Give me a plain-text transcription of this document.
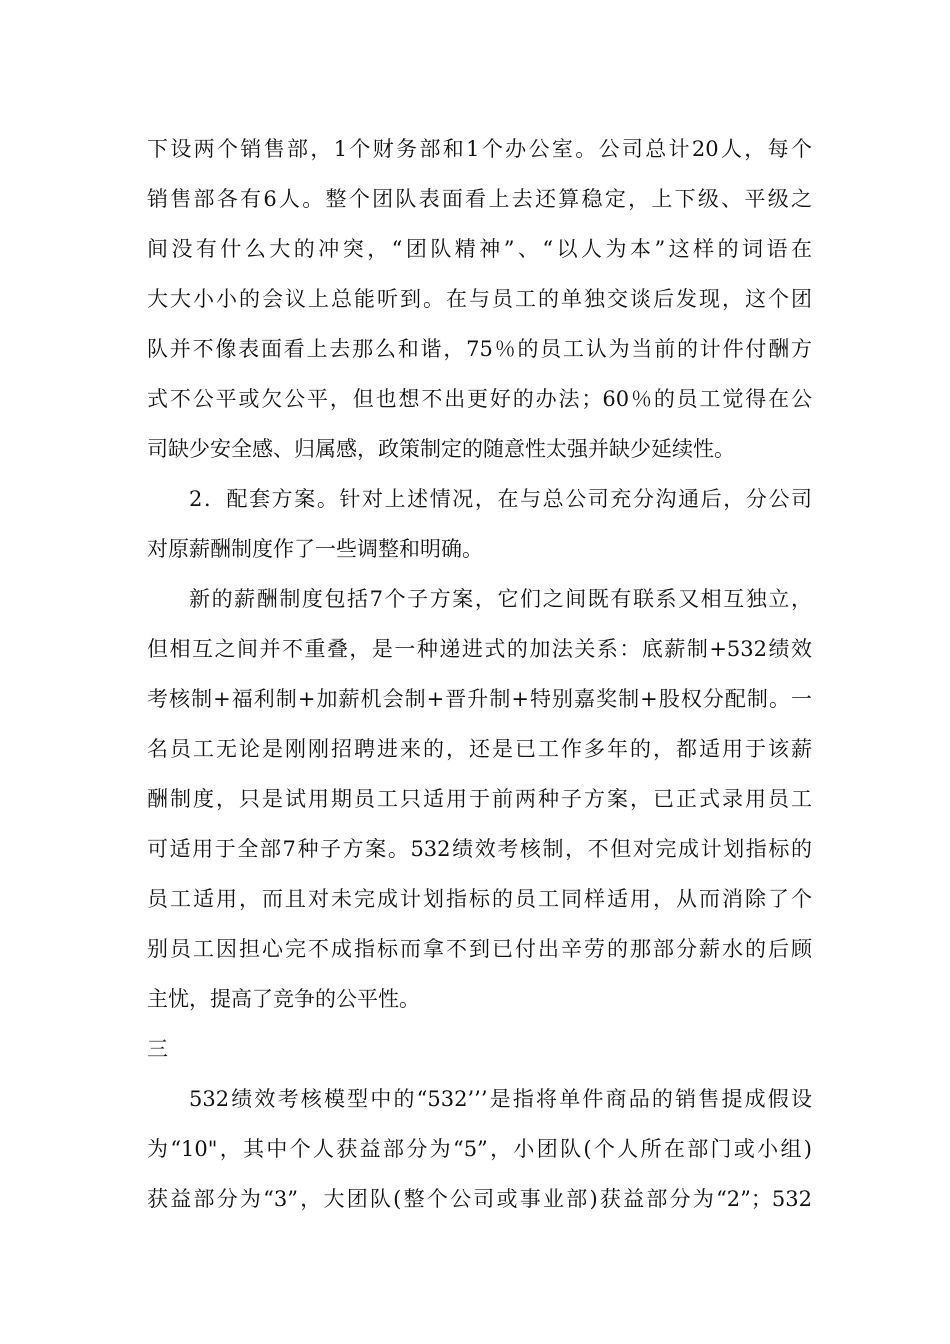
下设两个销售部，1个财务部和1个办公室。公司总计20人，每个
销售部各有6人。整个团队表面看上去还算稳定，上下级、平级之
间没有什么大的冲突，“团队精神”、“以人为本”这样的词语在
大大小小的会议上总能听到。在与员工的单独交谈后发现，这个团
队并不像表面看上去那么和谐，75％的员工认为当前的计件付酬方
式不公平或欠公平，但也想不出更好的办法；60％的员工觉得在公
司缺少安全感、归属感，政策制定的随意性太强并缺少延续性。
2．配套方案。针对上述情况，在与总公司充分沟通后，分公司
对原薪酬制度作了一些调整和明确。
新的薪酬制度包括7个子方案，它们之间既有联系又相互独立，
但相互之间并不重叠，是一种递进式的加法关系：底薪制+532绩效
考核制+福利制+加薪机会制+晋升制+特别嘉奖制+股权分配制。一
名员工无论是刚刚招聘进来的，还是已工作多年的，都适用于该薪
酬制度，只是试用期员工只适用于前两种子方案，已正式录用员工
可适用于全部7种子方案。532绩效考核制，不但对完成计划指标的
员工适用，而且对未完成计划指标的员工同样适用，从而消除了个
别员工因担心完不成指标而拿不到已付出辛劳的那部分薪水的后顾
主忧，提高了竞争的公平性。
三
532绩效考核模型中的“532’’’是指将单件商品的销售提成假设
为“10"，其中个人获益部分为“5”，小团队(个人所在部门或小组)
获益部分为“3”，大团队(整个公司或事业部)获益部分为“2”；532
